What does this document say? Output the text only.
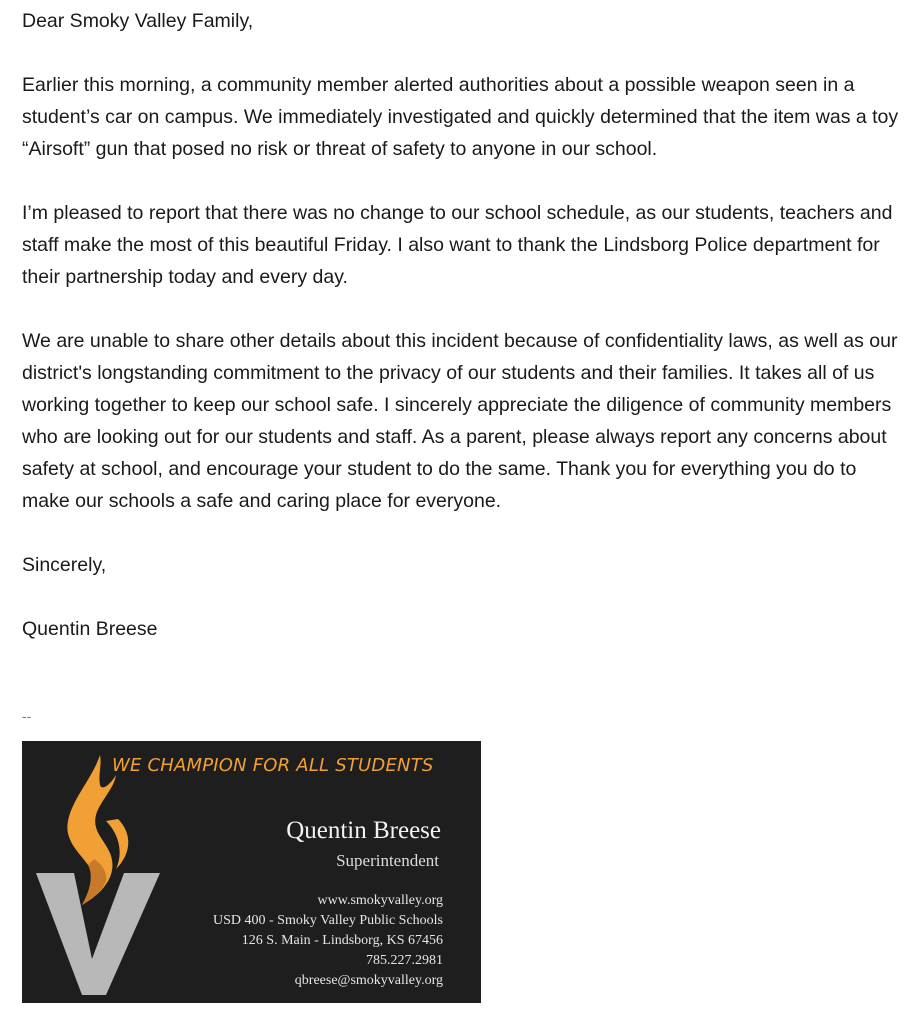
Dear Smoky Valley Family,

Earlier this morning, a community member alerted authorities about a possible weapon seen in a student’s car on campus. We immediately investigated and quickly determined that the item was a toy “Airsoft” gun that posed no risk or threat of safety to anyone in our school.

I’m pleased to report that there was no change to our school schedule, as our students, teachers and staff make the most of this beautiful Friday. I also want to thank the Lindsborg Police department for their partnership today and every day.

We are unable to share other details about this incident because of confidentiality laws, as well as our district's longstanding commitment to the privacy of our students and their families. It takes all of us working together to keep our school safe. I sincerely appreciate the diligence of community members who are looking out for our students and staff. As a parent, please always report any concerns about safety at school, and encourage your student to do the same. Thank you for everything you do to make our schools a safe and caring place for everyone.

Sincerely,

Quentin Breese

--
WE CHAMPION FOR ALL STUDENTS
Quentin Breese
Superintendent
www.smokyvalley.org
USD 400 - Smoky Valley Public Schools
126 S. Main - Lindsborg, KS 67456
785.227.2981
qbreese@smokyvalley.org
